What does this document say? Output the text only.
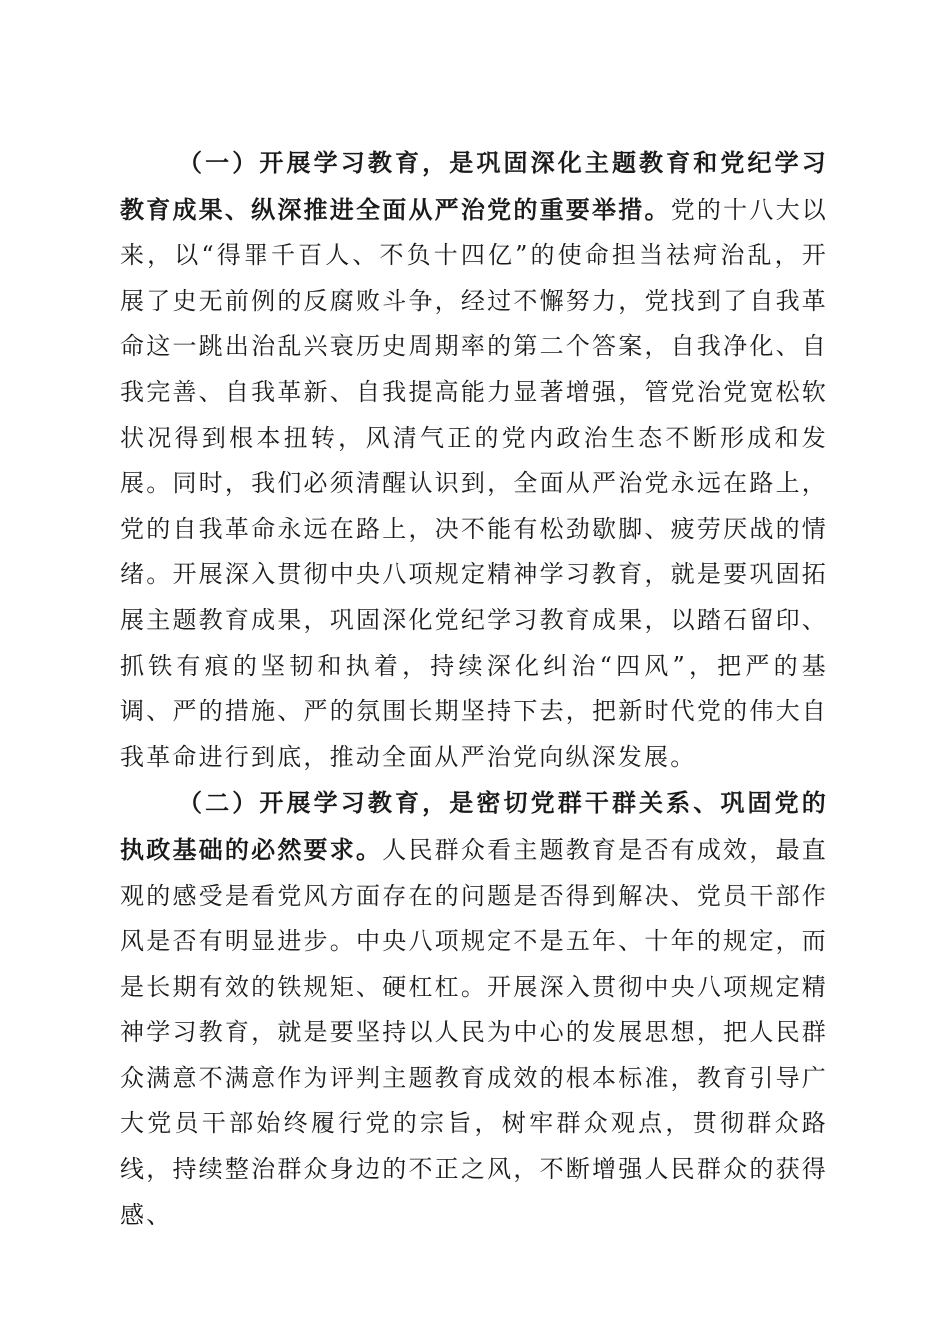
（一）开展学习教育，是巩固深化主题教育和党纪学习教育成果、纵深推进全面从严治党的重要举措。党的十八大以来，以“得罪千百人、不负十四亿”的使命担当祛疴治乱，开展了史无前例的反腐败斗争，经过不懈努力，党找到了自我革命这一跳出治乱兴衰历史周期率的第二个答案，自我净化、自我完善、自我革新、自我提高能力显著增强，管党治党宽松软状况得到根本扭转，风清气正的党内政治生态不断形成和发展。同时，我们必须清醒认识到，全面从严治党永远在路上，党的自我革命永远在路上，决不能有松劲歇脚、疲劳厌战的情绪。开展深入贯彻中央八项规定精神学习教育，就是要巩固拓展主题教育成果，巩固深化党纪学习教育成果，以踏石留印、抓铁有痕的坚韧和执着，持续深化纠治“四风”，把严的基调、严的措施、严的氛围长期坚持下去，把新时代党的伟大自我革命进行到底，推动全面从严治党向纵深发展。

（二）开展学习教育，是密切党群干群关系、巩固党的执政基础的必然要求。人民群众看主题教育是否有成效，最直观的感受是看党风方面存在的问题是否得到解决、党员干部作风是否有明显进步。中央八项规定不是五年、十年的规定，而是长期有效的铁规矩、硬杠杠。开展深入贯彻中央八项规定精神学习教育，就是要坚持以人民为中心的发展思想，把人民群众满意不满意作为评判主题教育成效的根本标准，教育引导广大党员干部始终履行党的宗旨，树牢群众观点，贯彻群众路线，持续整治群众身边的不正之风，不断增强人民群众的获得感、
